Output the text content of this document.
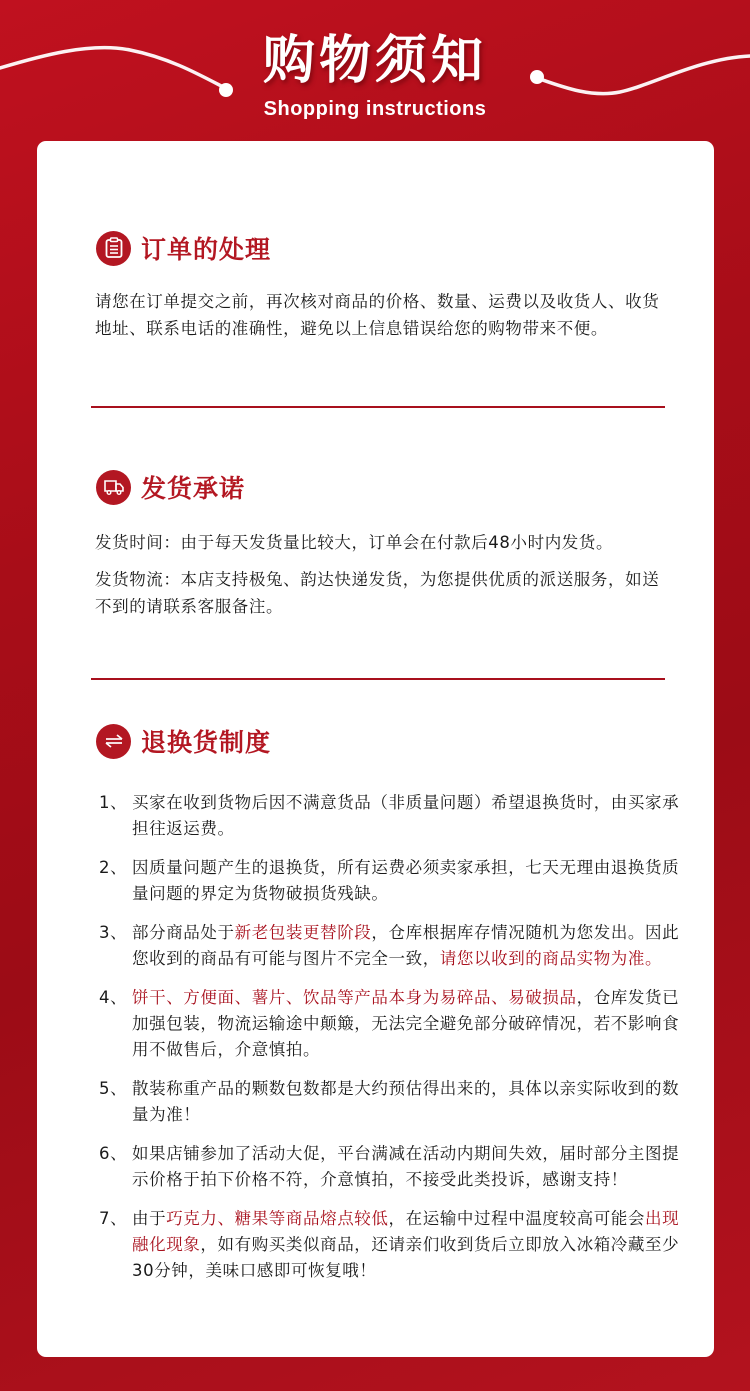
购物须知
Shopping instructions
订单的处理
请您在订单提交之前，再次核对商品的价格、数量、运费以及收货人、收货地址、联系电话的准确性，避免以上信息错误给您的购物带来不便。
发货承诺
发货时间：由于每天发货量比较大，订单会在付款后48小时内发货。
发货物流：本店支持极兔、韵达快递发货，为您提供优质的派送服务，如送不到的请联系客服备注。
退换货制度
1、 买家在收到货物后因不满意货品（非质量问题）希望退换货时，由买家承担往返运费。
2、 因质量问题产生的退换货，所有运费必须卖家承担，七天无理由退换货质量问题的界定为货物破损货残缺。
3、 部分商品处于新老包装更替阶段，仓库根据库存情况随机为您发出。因此您收到的商品有可能与图片不完全一致，请您以收到的商品实物为准。
4、 饼干、方便面、薯片、饮品等产品本身为易碎品、易破损品，仓库发货已加强包装，物流运输途中颠簸，无法完全避免部分破碎情况，若不影响食用不做售后，介意慎拍。
5、 散装称重产品的颗数包数都是大约预估得出来的，具体以亲实际收到的数量为准！
6、 如果店铺参加了活动大促，平台满减在活动内期间失效，届时部分主图提示价格于拍下价格不符，介意慎拍，不接受此类投诉，感谢支持！
7、 由于巧克力、糖果等商品熔点较低，在运输中过程中温度较高可能会出现融化现象，如有购买类似商品，还请亲们收到货后立即放入冰箱冷藏至少30分钟，美味口感即可恢复哦！
